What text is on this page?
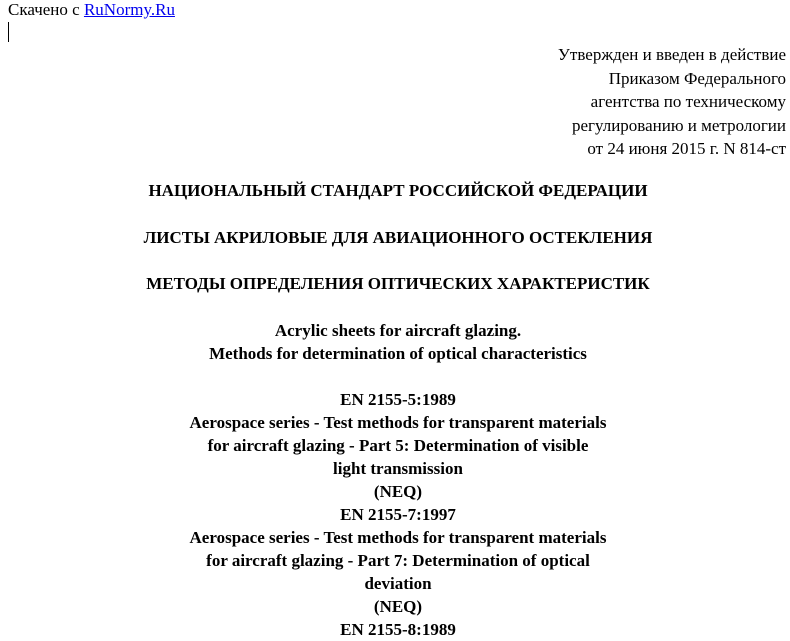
Скачено с RuNormy.Ru
Утвержден и введен в действие
Приказом Федерального
агентства по техническому
регулированию и метрологии
от 24 июня 2015 г. N 814-ст
НАЦИОНАЛЬНЫЙ СТАНДАРТ РОССИЙСКОЙ ФЕДЕРАЦИИ
ЛИСТЫ АКРИЛОВЫЕ ДЛЯ АВИАЦИОННОГО ОСТЕКЛЕНИЯ
МЕТОДЫ ОПРЕДЕЛЕНИЯ ОПТИЧЕСКИХ ХАРАКТЕРИСТИК
Acrylic sheets for aircraft glazing.
Methods for determination of optical characteristics
EN 2155-5:1989
Aerospace series - Test methods for transparent materials
for aircraft glazing - Part 5: Determination of visible
light transmission
(NEQ)
EN 2155-7:1997
Aerospace series - Test methods for transparent materials
for aircraft glazing - Part 7: Determination of optical
deviation
(NEQ)
EN 2155-8:1989
